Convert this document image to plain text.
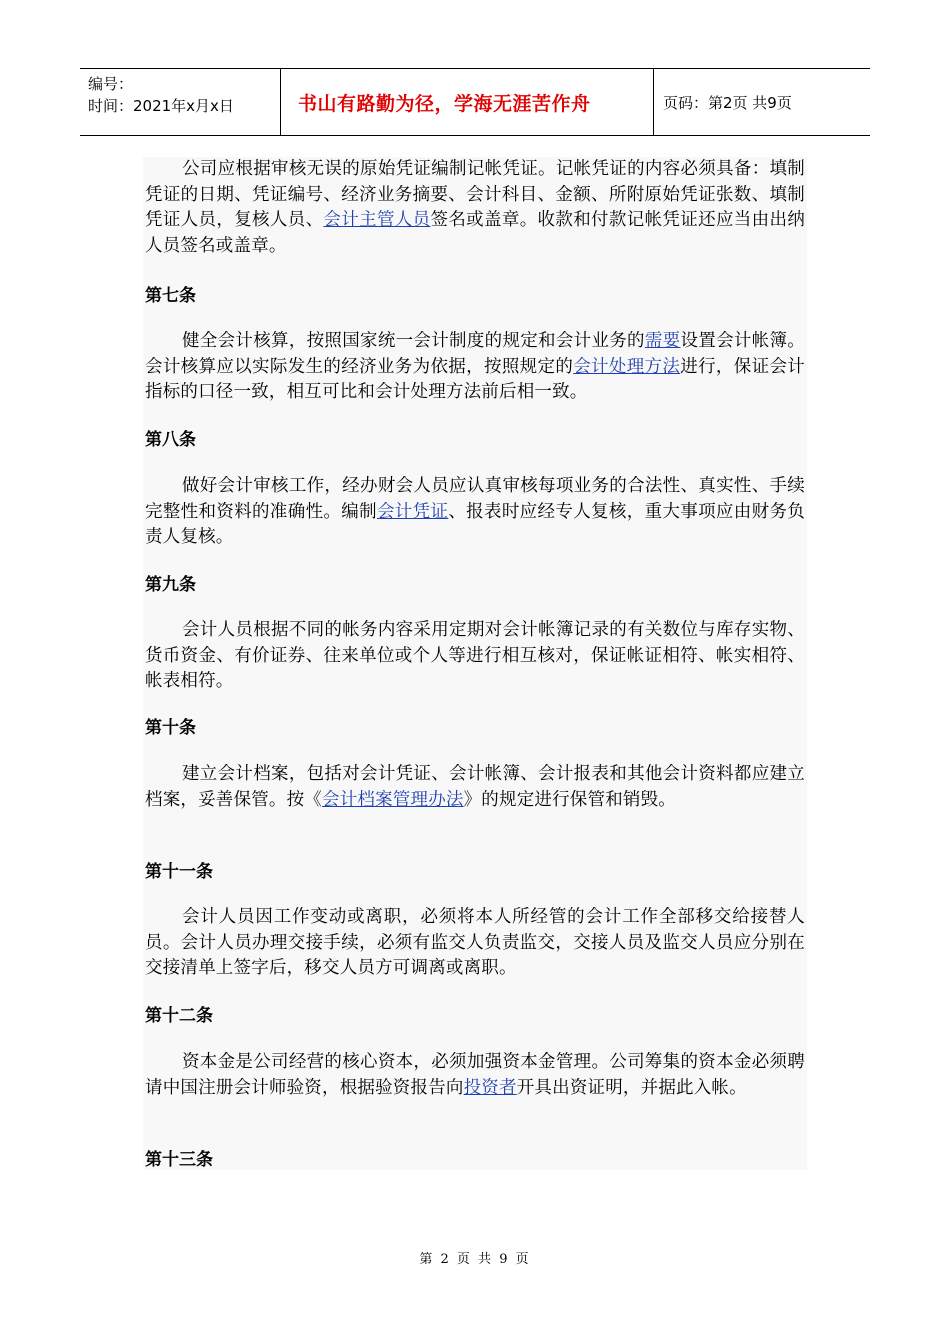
编号：
时间：2021年x月x日	书山有路勤为径，学海无涯苦作舟	页码：第2页 共9页
公司应根据审核无误的原始凭证编制记帐凭证。记帐凭证的内容必须具备：填制凭证的日期、凭证编号、经济业务摘要、会计科目、金额、所附原始凭证张数、填制凭证人员，复核人员、会计主管人员签名或盖章。收款和付款记帐凭证还应当由出纳人员签名或盖章。
第七条
健全会计核算，按照国家统一会计制度的规定和会计业务的需要设置会计帐簿。会计核算应以实际发生的经济业务为依据，按照规定的会计处理方法进行，保证会计指标的口径一致，相互可比和会计处理方法前后相一致。
第八条
做好会计审核工作，经办财会人员应认真审核每项业务的合法性、真实性、手续完整性和资料的准确性。编制会计凭证、报表时应经专人复核，重大事项应由财务负责人复核。
第九条
会计人员根据不同的帐务内容采用定期对会计帐簿记录的有关数位与库存实物、货币资金、有价证券、往来单位或个人等进行相互核对，保证帐证相符、帐实相符、帐表相符。
第十条
建立会计档案，包括对会计凭证、会计帐簿、会计报表和其他会计资料都应建立档案，妥善保管。按《会计档案管理办法》的规定进行保管和销毁。
第十一条
会计人员因工作变动或离职，必须将本人所经管的会计工作全部移交给接替人员。会计人员办理交接手续，必须有监交人负责监交，交接人员及监交人员应分别在交接清单上签字后，移交人员方可调离或离职。
第十二条
资本金是公司经营的核心资本，必须加强资本金管理。公司筹集的资本金必须聘请中国注册会计师验资，根据验资报告向投资者开具出资证明，并据此入帐。
第十三条
第 2 页 共 9 页
